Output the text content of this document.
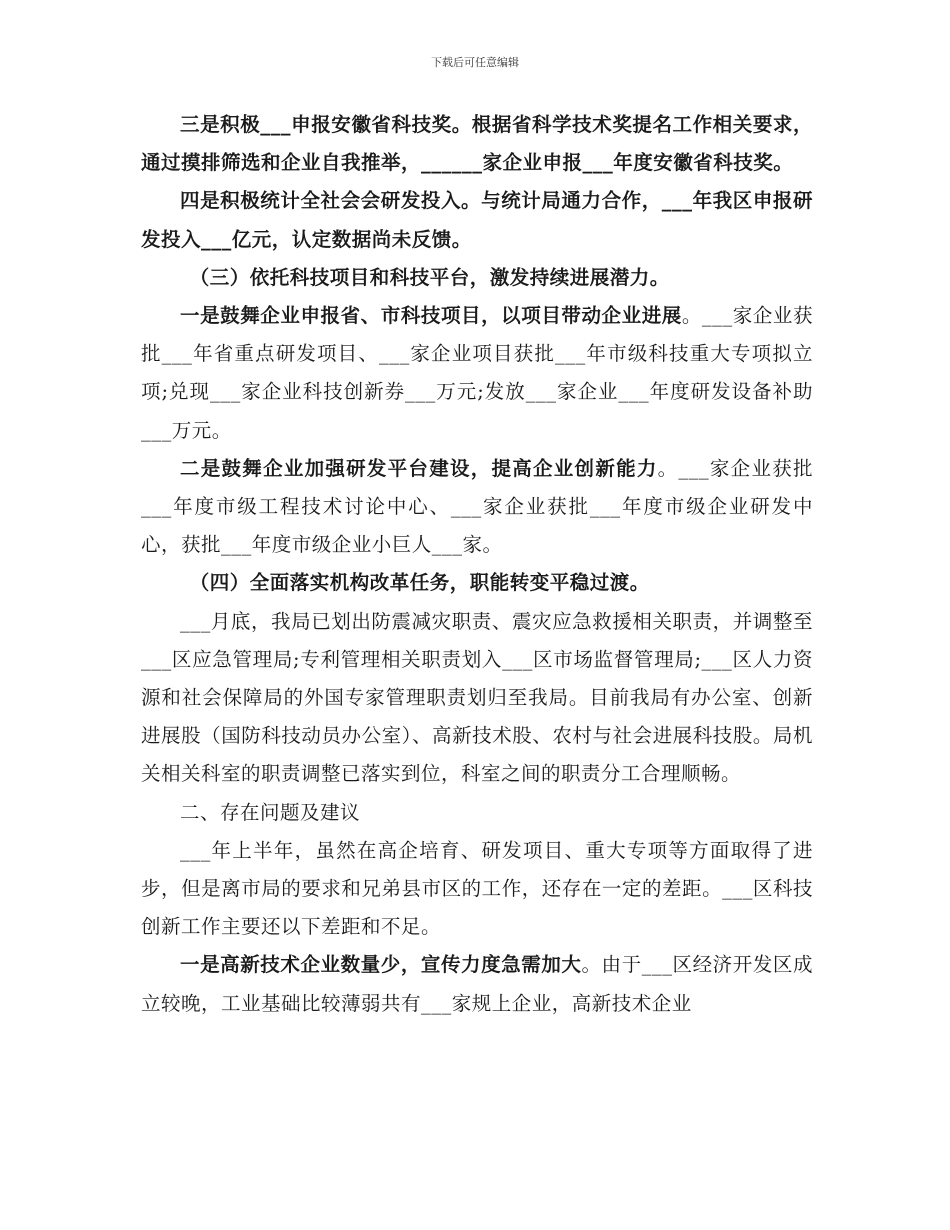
下载后可任意编辑

三是积极___申报安徽省科技奖。根据省科学技术奖提名工作相关要求，通过摸排筛选和企业自我推举，______家企业申报___年度安徽省科技奖。

四是积极统计全社会会研发投入。与统计局通力合作，___年我区申报研发投入___亿元，认定数据尚未反馈。

（三）依托科技项目和科技平台，激发持续进展潜力。

一是鼓舞企业申报省、市科技项目，以项目带动企业进展。___家企业获批___年省重点研发项目、___家企业项目获批___年市级科技重大专项拟立项;兑现___家企业科技创新券___万元;发放___家企业___年度研发设备补助___万元。

二是鼓舞企业加强研发平台建设，提高企业创新能力。___家企业获批___年度市级工程技术讨论中心、___家企业获批___年度市级企业研发中心，获批___年度市级企业小巨人___家。

（四）全面落实机构改革任务，职能转变平稳过渡。

___月底，我局已划出防震减灾职责、震灾应急救援相关职责，并调整至___区应急管理局;专利管理相关职责划入___区市场监督管理局;___区人力资源和社会保障局的外国专家管理职责划归至我局。目前我局有办公室、创新进展股（国防科技动员办公室）、高新技术股、农村与社会进展科技股。局机关相关科室的职责调整已落实到位，科室之间的职责分工合理顺畅。

二、存在问题及建议

___年上半年，虽然在高企培育、研发项目、重大专项等方面取得了进步，但是离市局的要求和兄弟县市区的工作，还存在一定的差距。___区科技创新工作主要还以下差距和不足。

一是高新技术企业数量少，宣传力度急需加大。由于___区经济开发区成立较晚，工业基础比较薄弱共有___家规上企业，高新技术企业
